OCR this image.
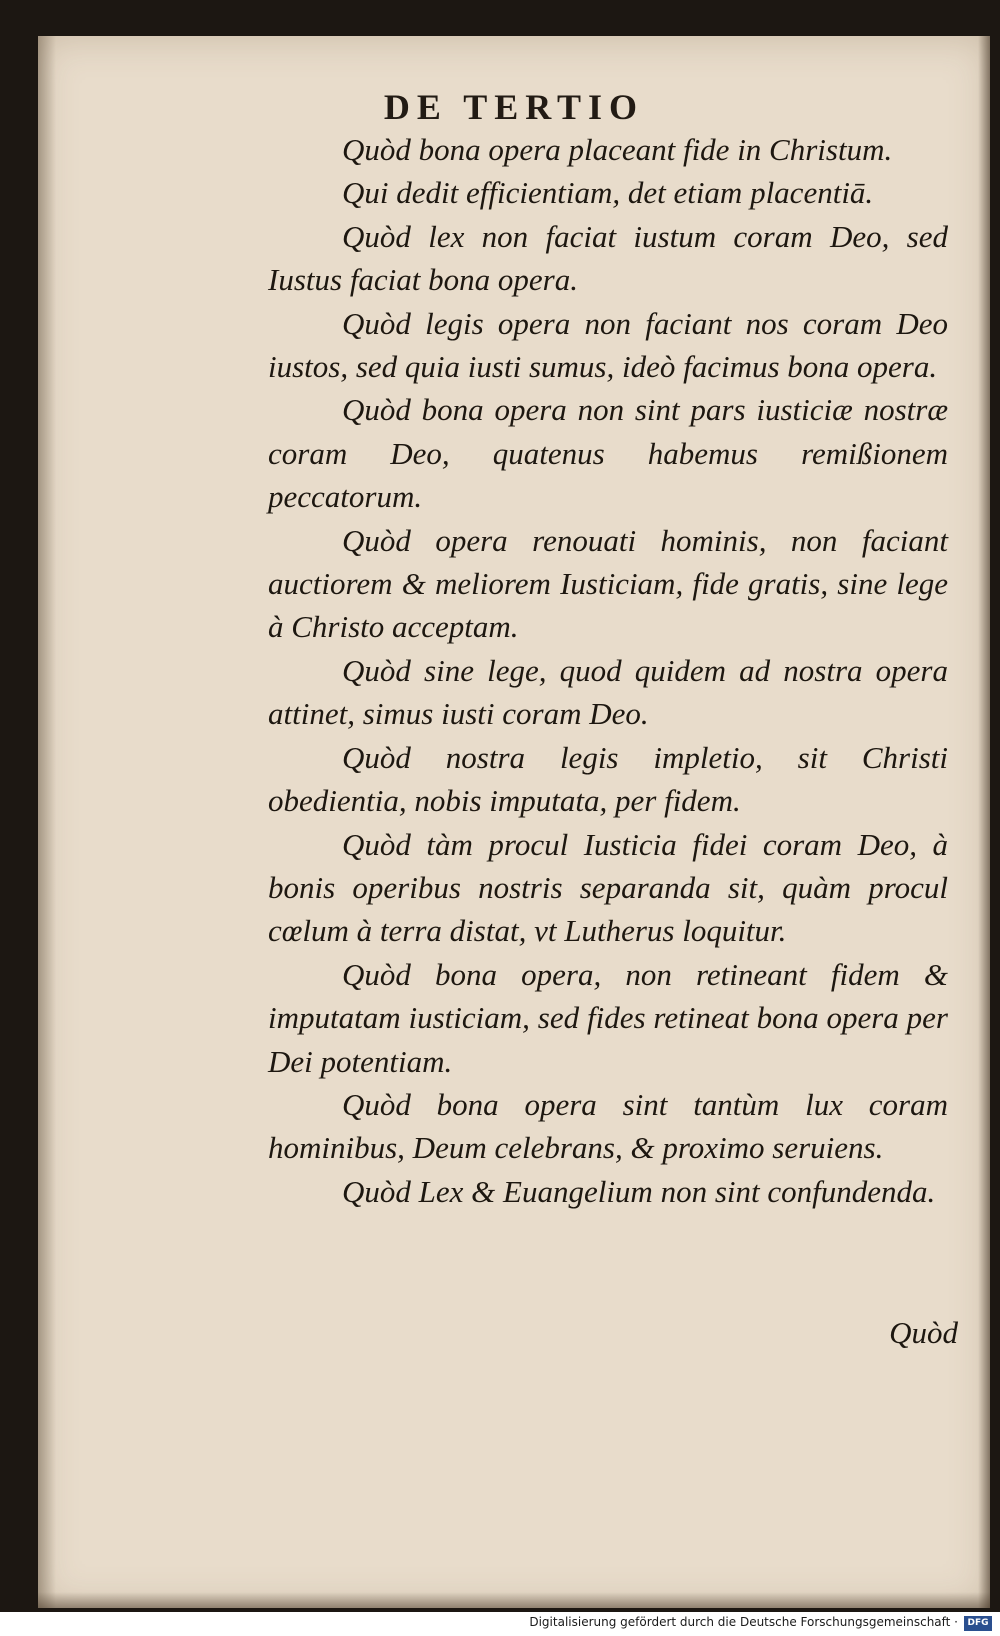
DE TERTIO
Quòd bona opera placeant fide in Christum.
Qui dedit efficientiam, det etiam placentiā.
Quòd lex non faciat iustum coram Deo, sed Iustus faciat bona opera.
Quòd legis opera non faciant nos coram Deo iustos, sed quia iusti sumus, ideò facimus bona opera.
Quòd bona opera non sint pars iusticiæ nostræ coram Deo, quatenus habemus remißionem peccatorum.
Quòd opera renouati hominis, non faciant auctiorem & meliorem Iusticiam, fide gratis, sine lege à Christo acceptam.
Quòd sine lege, quod quidem ad nostra opera attinet, simus iusti coram Deo.
Quòd nostra legis impletio, sit Christi obedientia, nobis imputata, per fidem.
Quòd tàm procul Iusticia fidei coram Deo, à bonis operibus nostris separanda sit, quàm procul cœlum à terra distat, vt Lutherus loquitur.
Quòd bona opera, non retineant fidem & imputatam iusticiam, sed fides retineat bona opera per Dei potentiam.
Quòd bona opera sint tantùm lux coram hominibus, Deum celebrans, & proximo seruiens.
Quòd Lex & Euangelium non sint confundenda.
Quòd
Digitalisierung gefördert durch die Deutsche Forschungsgemeinschaft ·	DFG
